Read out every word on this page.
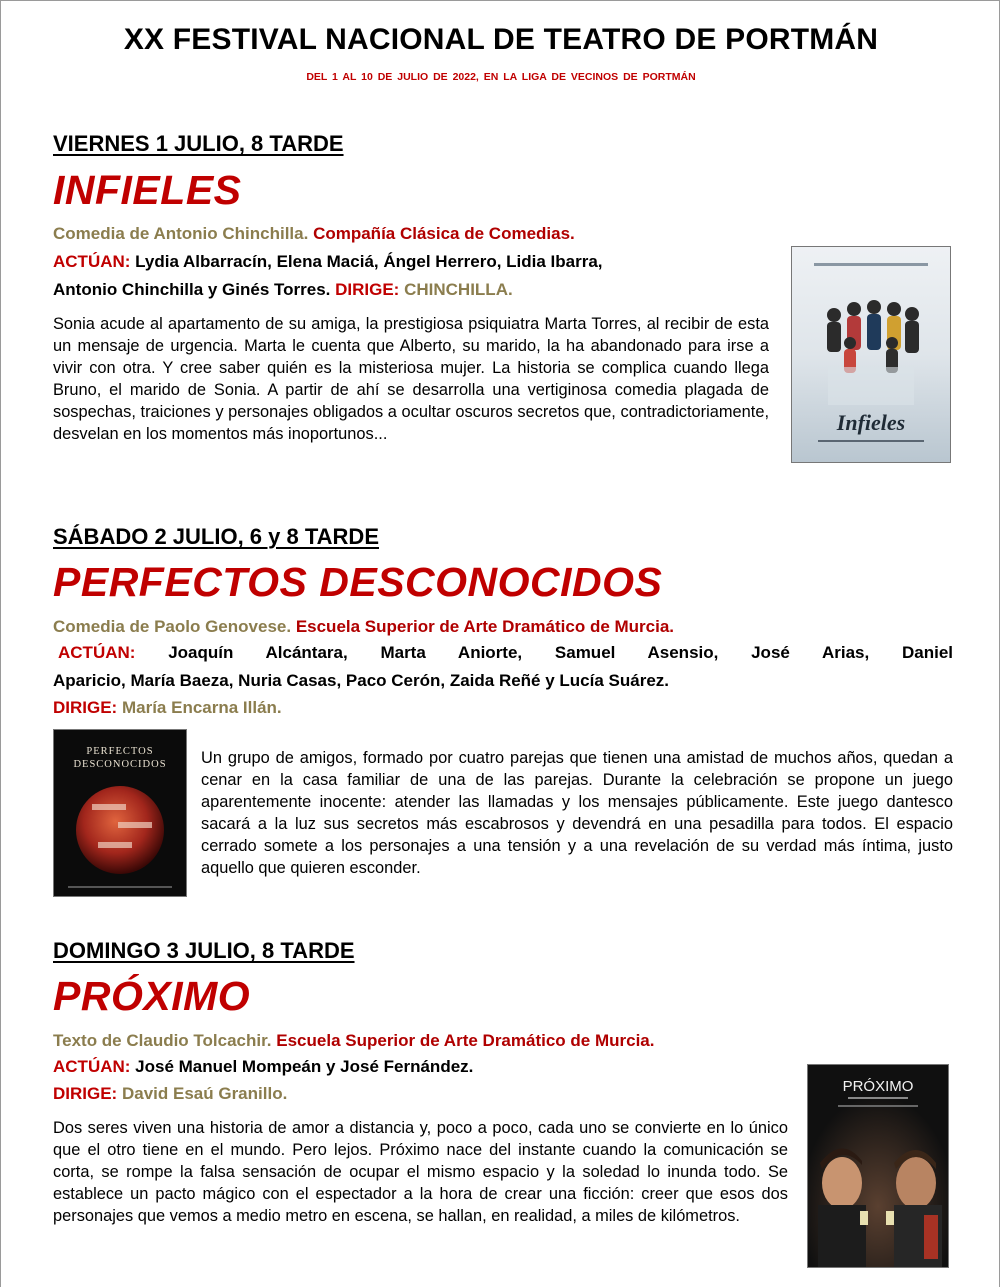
XX FESTIVAL NACIONAL DE TEATRO DE PORTMÁN
DEL 1 AL 10 DE JULIO DE 2022, EN LA LIGA DE VECINOS DE PORTMÁN
VIERNES 1 JULIO, 8 TARDE
INFIELES
Comedia de Antonio Chinchilla. Compañía Clásica de Comedias.
ACTÚAN: Lydia Albarracín, Elena Maciá, Ángel Herrero, Lidia Ibarra,
Antonio Chinchilla y Ginés Torres. DIRIGE: CHINCHILLA.
Sonia acude al apartamento de su amiga, la prestigiosa psiquiatra Marta Torres, al recibir de esta un mensaje de urgencia. Marta le cuenta que Alberto, su marido, la ha abandonado para irse a vivir con otra. Y cree saber quién es la misteriosa mujer. La historia se complica cuando llega Bruno, el marido de Sonia. A partir de ahí se desarrolla una vertiginosa comedia plagada de sospechas, traiciones y personajes obligados a ocultar oscuros secretos que, contradictoriamente, desvelan en los momentos más inoportunos...	Infieles
SÁBADO 2 JULIO, 6 y 8 TARDE
PERFECTOS DESCONOCIDOS
Comedia de Paolo Genovese. Escuela Superior de Arte Dramático de Murcia.
ACTÚAN: Joaquín Alcántara, Marta Aniorte, Samuel Asensio, José Arias, Daniel
Aparicio, María Baeza, Nuria Casas, Paco Cerón, Zaida Reñé y Lucía Suárez.
DIRIGE: María Encarna Illán.
PERFECTOS
DESCONOCIDOS Un grupo de amigos, formado por cuatro parejas que tienen una amistad de muchos años, quedan a cenar en la casa familiar de una de las parejas. Durante la celebración se propone un juego aparentemente inocente: atender las llamadas y los mensajes públicamente. Este juego dantesco sacará a la luz sus secretos más escabrosos y devendrá en una pesadilla para todos. El espacio cerrado somete a los personajes a una tensión y a una revelación de su verdad más íntima, justo aquello que quieren esconder.
DOMINGO 3 JULIO, 8 TARDE
PRÓXIMO
Texto de Claudio Tolcachir. Escuela Superior de Arte Dramático de Murcia.
ACTÚAN: José Manuel Mompeán y José Fernández.
DIRIGE: David Esaú Granillo.
Dos seres viven una historia de amor a distancia y, poco a poco, cada uno se convierte en lo único que el otro tiene en el mundo. Pero lejos. Próximo nace del instante cuando la comunicación se corta, se rompe la falsa sensación de ocupar el mismo espacio y la soledad lo inunda todo. Se establece un pacto mágico con el espectador a la hora de crear una ficción: creer que esos dos personajes que vemos a medio metro en escena, se hallan, en realidad, a miles de kilómetros.
PRÓXIMO
